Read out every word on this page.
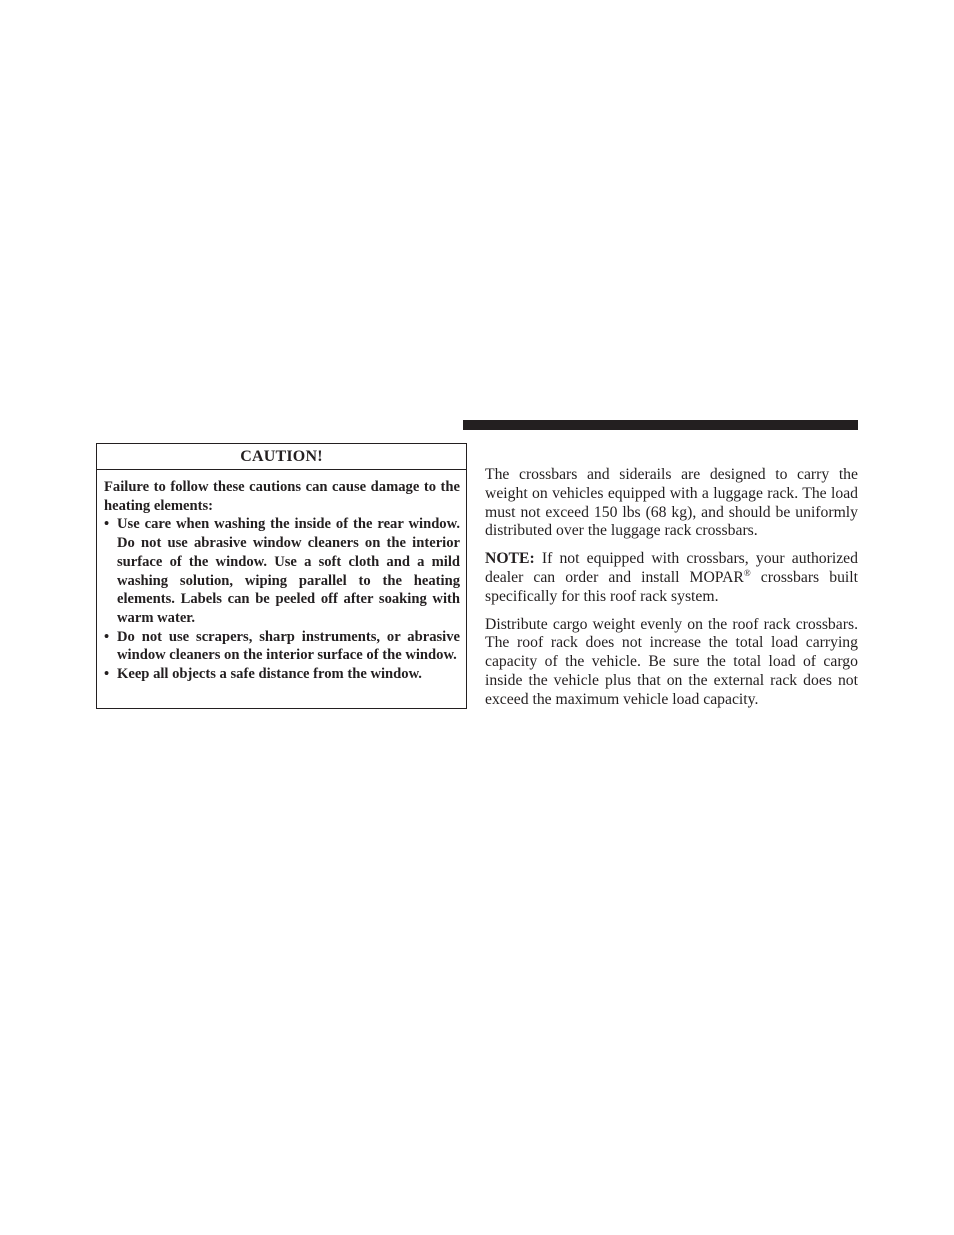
CAUTION!

Failure to follow these cautions can cause damage to the heating elements:

• Use care when washing the inside of the rear window. Do not use abrasive window cleaners on the interior surface of the window. Use a soft cloth and a mild washing solution, wiping parallel to the heating elements. Labels can be peeled off after soaking with warm water.
• Do not use scrapers, sharp instruments, or abrasive window cleaners on the interior surface of the window.
• Keep all objects a safe distance from the window.

The crossbars and siderails are designed to carry the weight on vehicles equipped with a luggage rack. The load must not exceed 150 lbs (68 kg), and should be uniformly distributed over the luggage rack crossbars.

NOTE: If not equipped with crossbars, your authorized dealer can order and install MOPAR® crossbars built specifically for this roof rack system.

Distribute cargo weight evenly on the roof rack crossbars. The roof rack does not increase the total load carrying capacity of the vehicle. Be sure the total load of cargo inside the vehicle plus that on the external rack does not exceed the maximum vehicle load capacity.
